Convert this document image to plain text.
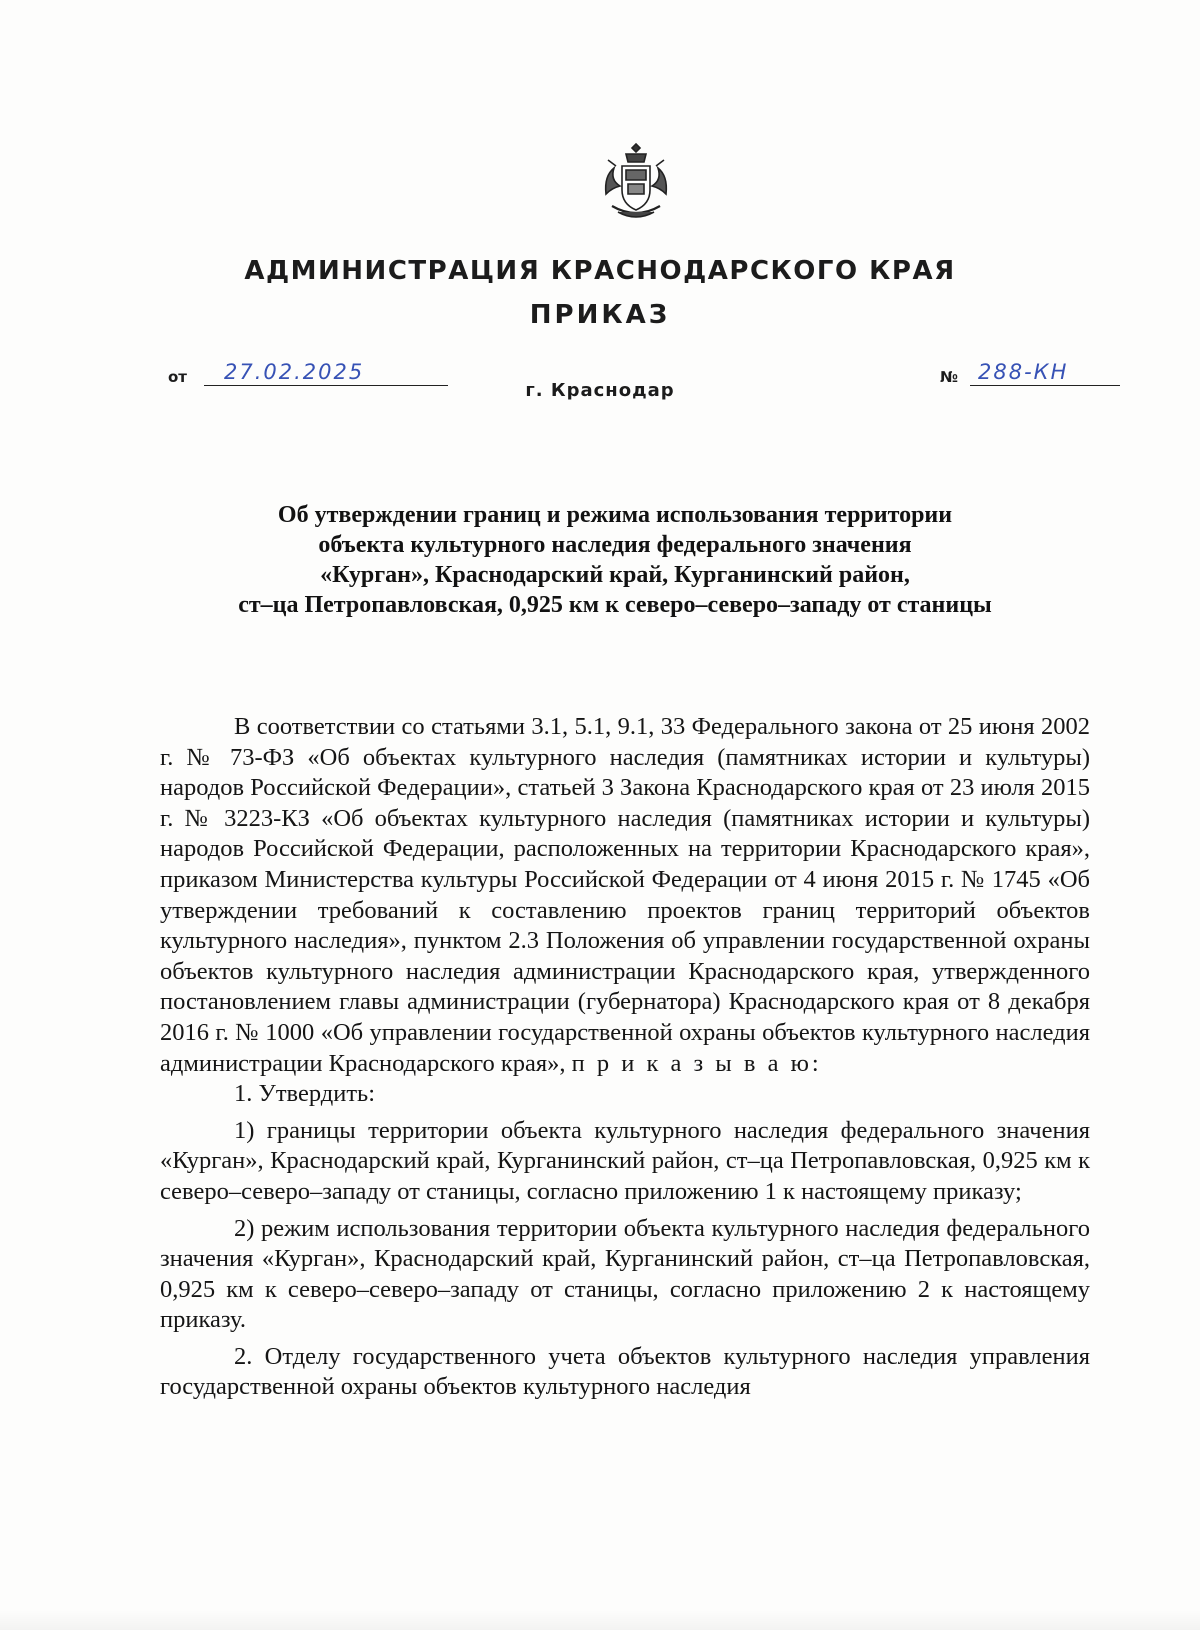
АДМИНИСТРАЦИЯ КРАСНОДАРСКОГО КРАЯ
ПРИКАЗ
от 27.02.2025	№ 288-КН
г. Краснодар
Об утверждении границ и режима использования территории
объекта культурного наследия федерального значения
«Курган», Краснодарский край, Курганинский район,
ст–ца Петропавловская, 0,925 км к северо–северо–западу от станицы

В соответствии со статьями 3.1, 5.1, 9.1, 33 Федерального закона от 25 июня 2002 г. № 73-ФЗ «Об объектах культурного наследия (памятниках истории и культуры) народов Российской Федерации», статьей 3 Закона Краснодарского края от 23 июля 2015 г. № 3223-КЗ «Об объектах культурного наследия (памятниках истории и культуры) народов Российской Федерации, расположенных на территории Краснодарского края», приказом Министерства культуры Российской Федерации от 4 июня 2015 г. № 1745 «Об утверждении требований к составлению проектов границ территорий объектов культурного наследия», пунктом 2.3 Положения об управлении государственной охраны объектов культурного наследия администрации Краснодарского края, утвержденного постановлением главы администрации (губернатора) Краснодарского края от 8 декабря 2016 г. № 1000 «Об управлении государственной охраны объектов культурного наследия администрации Краснодарского края», п р и к а з ы в а ю:

1. Утвердить:

1) границы территории объекта культурного наследия федерального значения «Курган», Краснодарский край, Курганинский район, ст–ца Петропавловская, 0,925 км к северо–северо–западу от станицы, согласно приложению 1 к настоящему приказу;

2) режим использования территории объекта культурного наследия федерального значения «Курган», Краснодарский край, Курганинский район, ст–ца Петропавловская, 0,925 км к северо–северо–западу от станицы, согласно приложению 2 к настоящему приказу.

2. Отделу государственного учета объектов культурного наследия управления государственной охраны объектов культурного наследия
